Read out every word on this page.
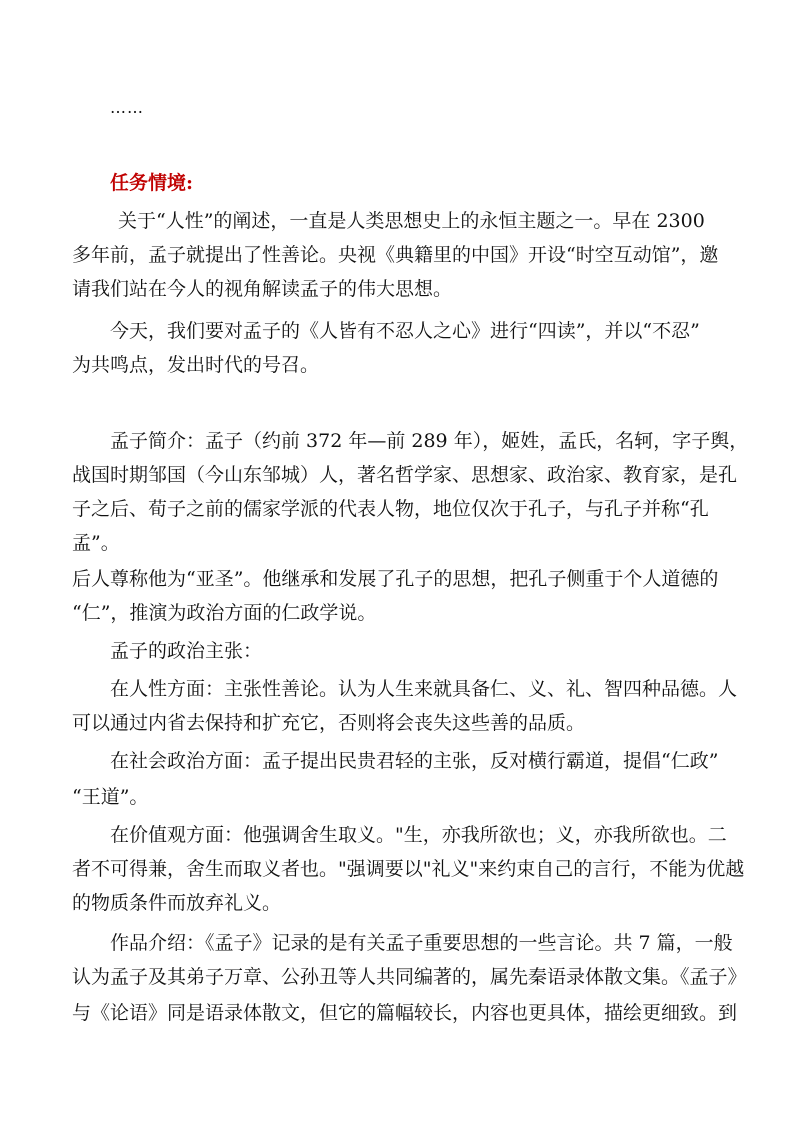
……
任务情境:
关于“人性”的阐述，一直是人类思想史上的永恒主题之一。早在 2300
多年前，孟子就提出了性善论。央视《典籍里的中国》开设“时空互动馆”，邀
请我们站在今人的视角解读孟子的伟大思想。
今天，我们要对孟子的《人皆有不忍人之心》进行“四读”，并以“不忍”
为共鸣点，发出时代的号召。
孟子简介：孟子（约前 372 年—前 289 年），姬姓，孟氏，名轲，字子舆，
战国时期邹国（今山东邹城）人，著名哲学家、思想家、政治家、教育家，是孔
子之后、荀子之前的儒家学派的代表人物，地位仅次于孔子，与孔子并称“孔
孟”。
后人尊称他为“亚圣”。他继承和发展了孔子的思想，把孔子侧重于个人道德的
“仁”，推演为政治方面的仁政学说。
孟子的政治主张：
在人性方面：主张性善论。认为人生来就具备仁、义、礼、智四种品德。人
可以通过内省去保持和扩充它，否则将会丧失这些善的品质。
在社会政治方面：孟子提出民贵君轻的主张，反对横行霸道，提倡“仁政”
“王道”。
在价值观方面：他强调舍生取义。"生，亦我所欲也；义，亦我所欲也。二
者不可得兼，舍生而取义者也。"强调要以"礼义"来约束自己的言行，不能为优越
的物质条件而放弃礼义。
作品介绍：《孟子》记录的是有关孟子重要思想的一些言论。共 7 篇，一般
认为孟子及其弟子万章、公孙丑等人共同编著的，属先秦语录体散文集。《孟子》
与《论语》同是语录体散文，但它的篇幅较长，内容也更具体，描绘更细致。到
